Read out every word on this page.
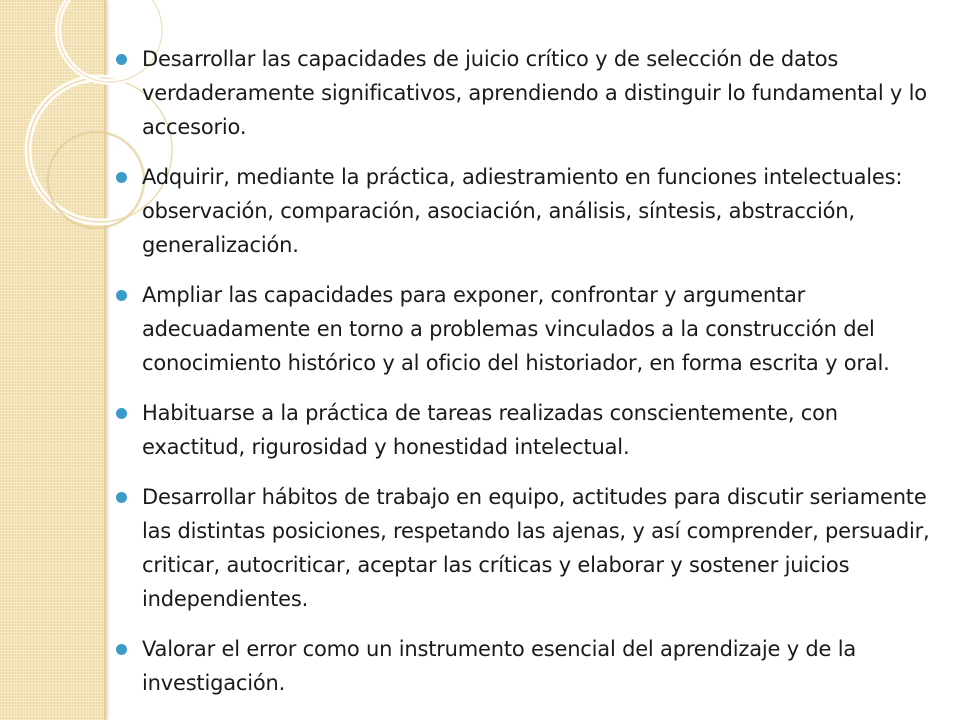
Desarrollar las capacidades de juicio crítico y de selección de datos verdaderamente significativos, aprendiendo a distinguir lo fundamental y lo accesorio.
Adquirir, mediante la práctica, adiestramiento en funciones intelectuales: observación, comparación, asociación, análisis, síntesis, abstracción, generalización.
Ampliar las capacidades para exponer, confrontar y argumentar adecuadamente en torno a problemas vinculados a la construcción del conocimiento histórico y al oficio del historiador, en forma escrita y oral.
Habituarse a la práctica de tareas realizadas conscientemente, con exactitud, rigurosidad y honestidad intelectual.
Desarrollar hábitos de trabajo en equipo, actitudes para discutir seriamente las distintas posiciones, respetando las ajenas, y así comprender, persuadir, criticar, autocriticar, aceptar las críticas y elaborar y sostener juicios independientes.
Valorar el error como un instrumento esencial del aprendizaje y de la investigación.
